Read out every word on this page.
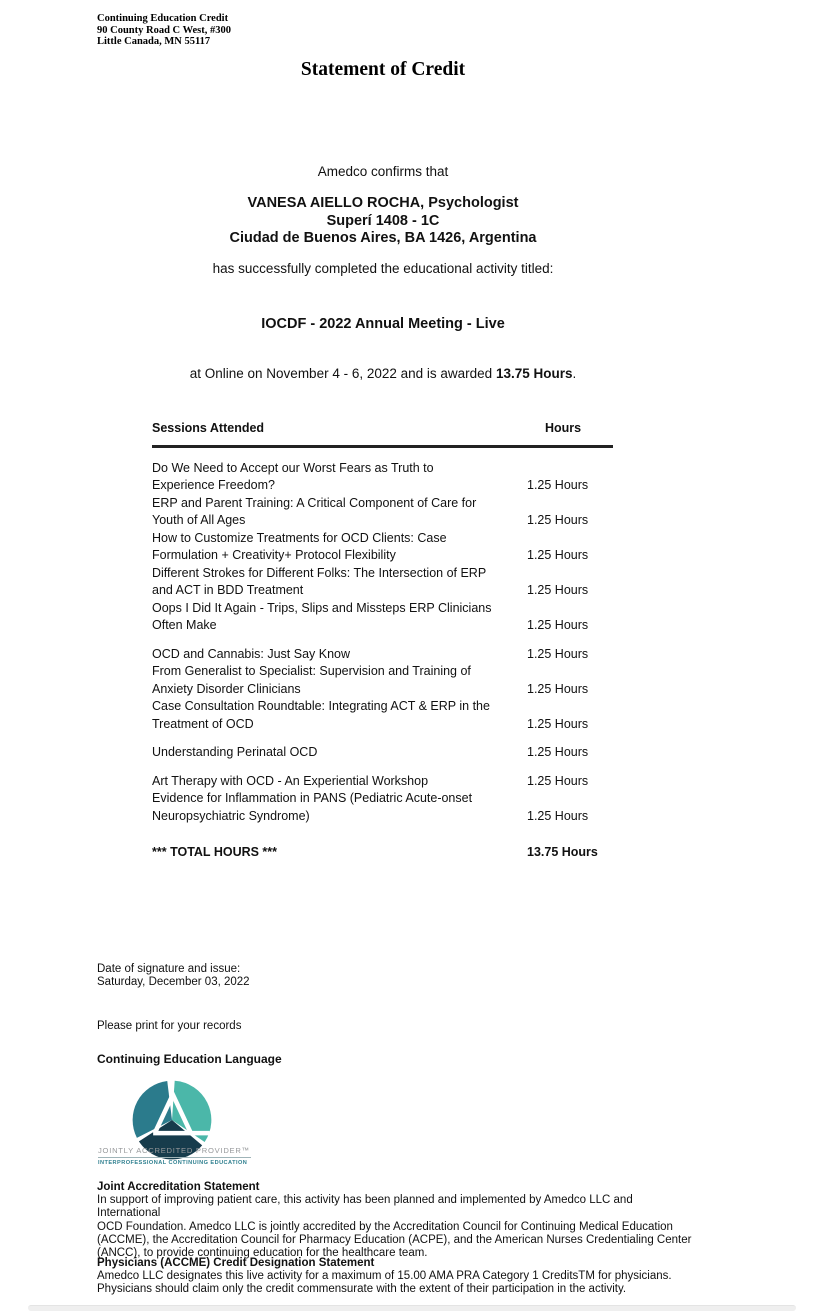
Continuing Education Credit
90 County Road C West, #300
Little Canada, MN 55117
Statement of Credit
Amedco confirms that
VANESA AIELLO ROCHA, Psychologist
Superí 1408 - 1C
Ciudad de Buenos Aires, BA 1426, Argentina
has successfully completed the educational activity titled:
IOCDF - 2022 Annual Meeting - Live
at Online on November 4 - 6, 2022 and is awarded 13.75 Hours.
Sessions Attended	Hours
Do We Need to Accept our Worst Fears as Truth to
Experience Freedom?	1.25 Hours
ERP and Parent Training: A Critical Component of Care for
Youth of All Ages	1.25 Hours
How to Customize Treatments for OCD Clients: Case
Formulation + Creativity+ Protocol Flexibility	1.25 Hours
Different Strokes for Different Folks: The Intersection of ERP
and ACT in BDD Treatment	1.25 Hours
Oops I Did It Again - Trips, Slips and Missteps ERP Clinicians
Often Make	1.25 Hours
OCD and Cannabis: Just Say Know	1.25 Hours
From Generalist to Specialist: Supervision and Training of
Anxiety Disorder Clinicians	1.25 Hours
Case Consultation Roundtable: Integrating ACT & ERP in the
Treatment of OCD	1.25 Hours
Understanding Perinatal OCD	1.25 Hours
Art Therapy with OCD - An Experiential Workshop	1.25 Hours
Evidence for Inflammation in PANS (Pediatric Acute-onset
Neuropsychiatric Syndrome)	1.25 Hours
*** TOTAL HOURS ***	13.75 Hours
Date of signature and issue:
Saturday, December 03, 2022
Please print for your records
Continuing Education Language
JOINTLY ACCREDITED PROVIDER™
INTERPROFESSIONAL CONTINUING EDUCATION
Joint Accreditation Statement
In support of improving patient care, this activity has been planned and implemented by Amedco LLC and International
OCD Foundation. Amedco LLC is jointly accredited by the Accreditation Council for Continuing Medical Education
(ACCME), the Accreditation Council for Pharmacy Education (ACPE), and the American Nurses Credentialing Center
(ANCC), to provide continuing education for the healthcare team.
Physicians (ACCME) Credit Designation Statement
Amedco LLC designates this live activity for a maximum of 15.00 AMA PRA Category 1 CreditsTM for physicians.
Physicians should claim only the credit commensurate with the extent of their participation in the activity.
